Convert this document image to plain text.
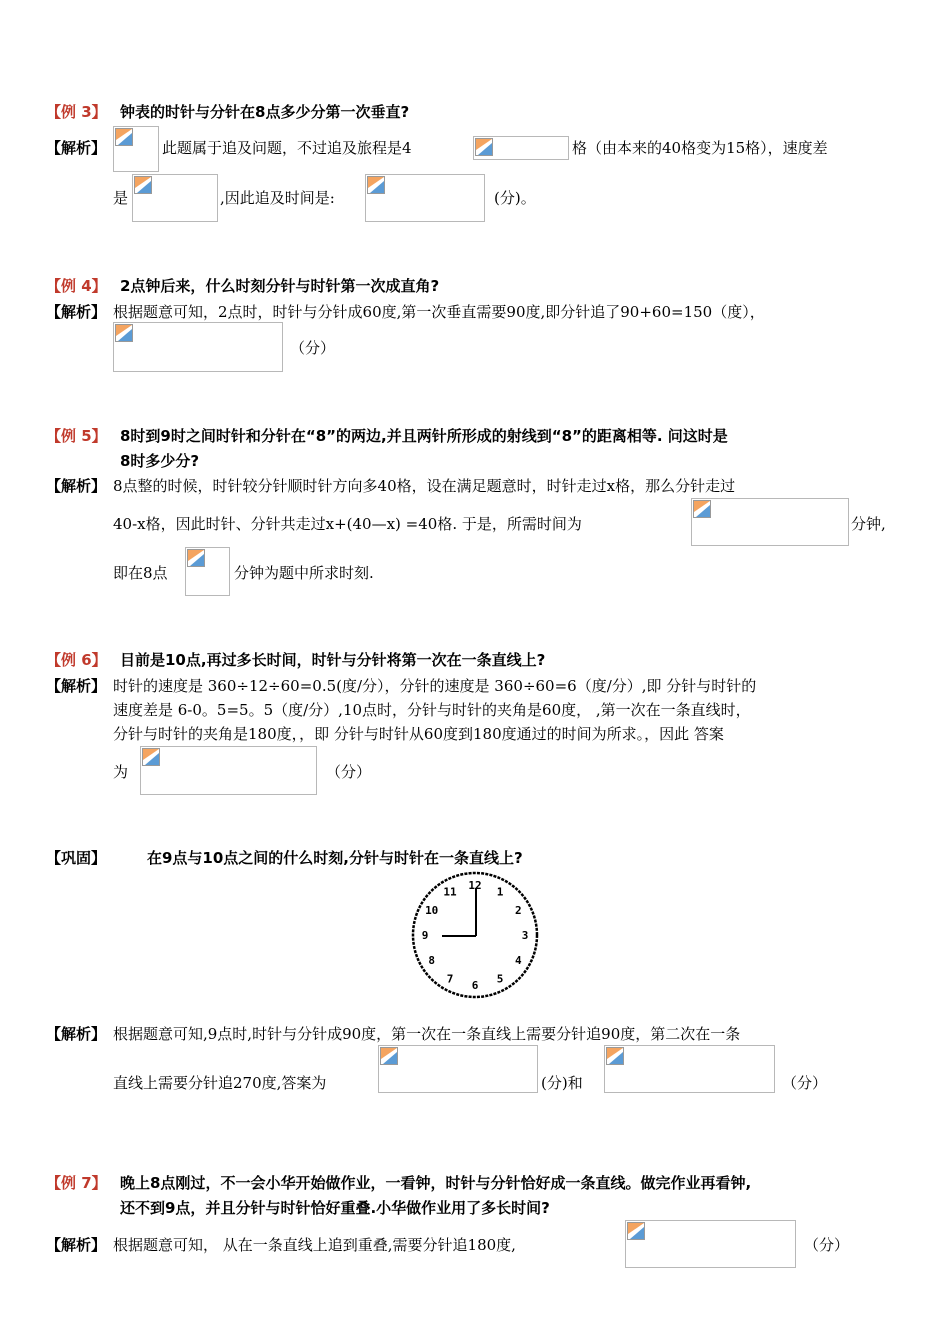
【例 3】 钟表的时针与分针在8点多少分第一次垂直?
【解析】	此题属于追及问题，不过追及旅程是4	格（由本来的40格变为15格），速度差
是	,因此追及时间是:	(分)。
【例 4】 2点钟后来，什么时刻分针与时针第一次成直角?
【解析】 根据题意可知，2点时，时针与分针成60度,第一次垂直需要90度,即分针追了90+60=150（度），
（分）
【例 5】 8时到9时之间时针和分针在“8”的两边,并且两针所形成的射线到“8”的距离相等. 问这时是
8时多少分?
【解析】 8点整的时候，时针较分针顺时针方向多40格，设在满足题意时，时针走过x格，那么分针走过
40-x格，因此时针、分针共走过x+(40—x) =40格. 于是，所需时间为	分钟,
即在8点	分钟为题中所求时刻.
【例 6】 目前是10点,再过多长时间，时针与分针将第一次在一条直线上?
【解析】 时针的速度是 360÷12÷60=0.5(度/分），分针的速度是 360÷60=6（度/分）,即 分针与时针的
速度差是 6-0。5=5。5（度/分）,10点时，分针与时针的夹角是60度， ,第一次在一条直线时，
分针与时针的夹角是180度，，即 分针与时针从60度到180度通过的时间为所求。，因此 答案
为	（分）
【巩固】	在9点与10点之间的什么时刻,分针与时针在一条直线上?
12
1
2
3
4
5
6
7
8
9
10
11
【解析】 根据题意可知,9点时,时针与分针成90度，第一次在一条直线上需要分针追90度，第二次在一条
直线上需要分针追270度,答案为	(分)和	（分）
【例 7】 晚上8点刚过，不一会小华开始做作业，一看钟，时针与分针恰好成一条直线。做完作业再看钟,
还不到9点，并且分针与时针恰好重叠.小华做作业用了多长时间?
【解析】 根据题意可知， 从在一条直线上追到重叠,需要分针追180度,	（分）
